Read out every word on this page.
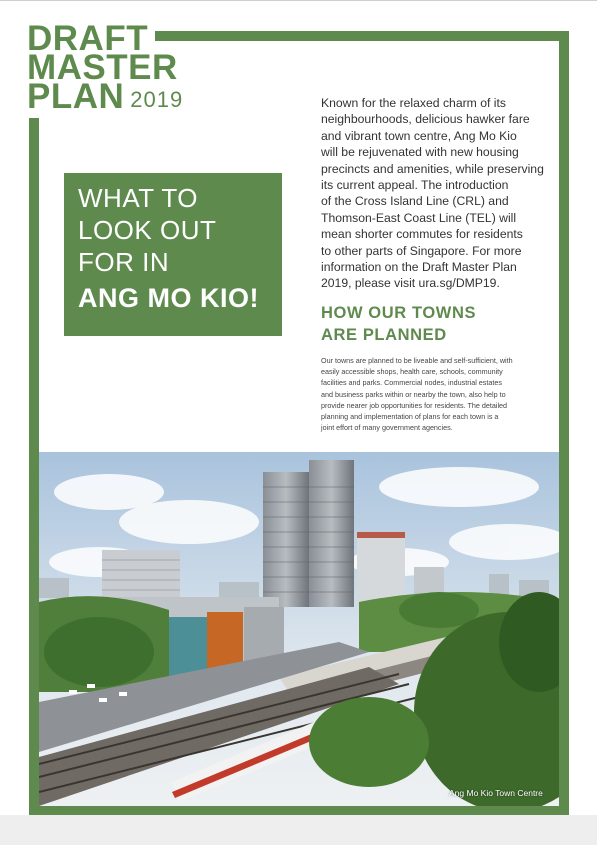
DRAFT
MASTER
PLAN 2019
WHAT TO
LOOK OUT
FOR IN
ANG MO KIO!
Known for the relaxed charm of its
neighbourhoods, delicious hawker fare
and vibrant town centre, Ang Mo Kio
will be rejuvenated with new housing
precincts and amenities, while preserving
its current appeal. The introduction
of the Cross Island Line (CRL) and
Thomson-East Coast Line (TEL) will
mean shorter commutes for residents
to other parts of Singapore. For more
information on the Draft Master Plan
2019, please visit ura.sg/DMP19.
HOW OUR TOWNS
ARE PLANNED
Our towns are planned to be liveable and self-sufficient, with
easily accessible shops, health care, schools, community
facilities and parks. Commercial nodes, industrial estates
and business parks within or nearby the town, also help to
provide nearer job opportunities for residents. The detailed
planning and implementation of plans for each town is a
joint effort of many government agencies.
Ang Mo Kio Town Centre
